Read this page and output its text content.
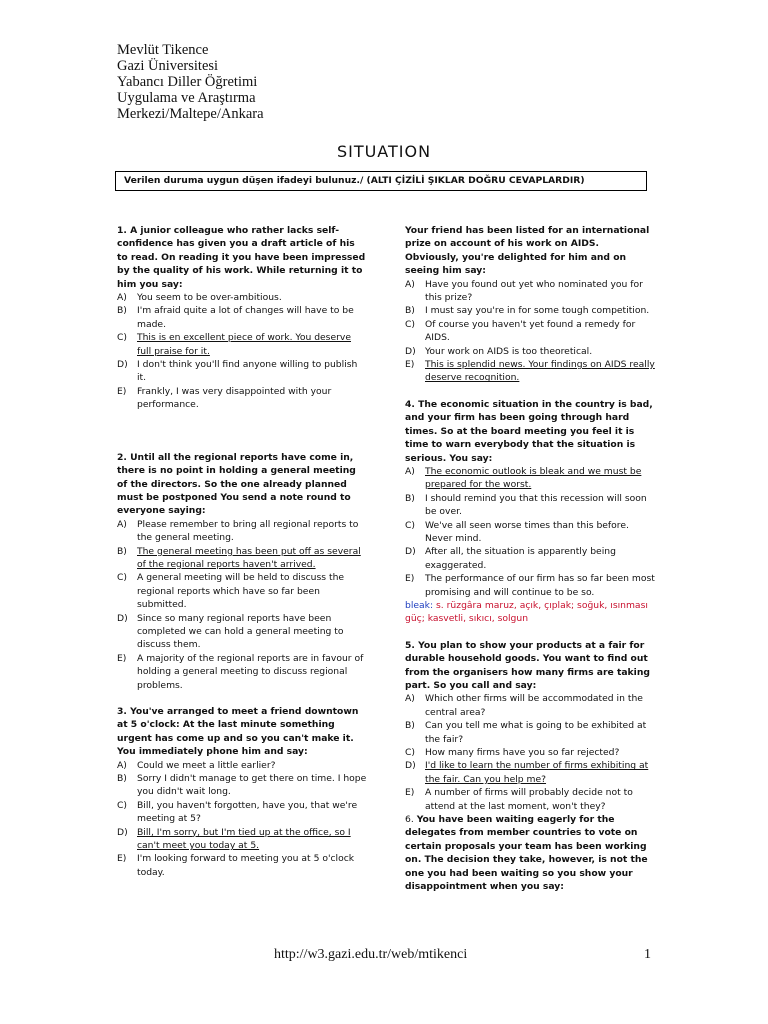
Mevlüt Tikence
Gazi Üniversitesi
Yabancı Diller Öğretimi
Uygulama ve Araştırma
Merkezi/Maltepe/Ankara
SITUATION
Verilen duruma uygun düşen ifadeyi bulunuz./ (ALTI ÇİZİLİ ŞIKLAR DOĞRU CEVAPLARDIR)
1. A junior colleague who rather lacks self-confidence has given you a draft article of his to read. On reading it you have been impressed by the quality of his work. While returning it to him you say:
A)	You seem to be over-ambitious.
B)	I'm afraid quite a lot of changes will have to be made.
C)	This is en excellent piece of work. You deserve full praise for it.
D)	I don't think you'll find anyone willing to publish it.
E)	Frankly, I was very disappointed with your performance.
2. Until all the regional reports have come in, there is no point in holding a general meeting of the directors. So the one already planned must be postponed You send a note round to everyone saying:
A)	Please remember to bring all regional reports to the general meeting.
B)	The general meeting has been put off as several of the regional reports haven't arrived.
C)	A general meeting will be held to discuss the regional reports which have so far been submitted.
D)	Since so many regional reports have been completed we can hold a general meeting to discuss them.
E)	A majority of the regional reports are in favour of holding a general meeting to discuss regional problems.
3. You've arranged to meet a friend downtown at 5 o'clock: At the last minute something urgent has come up and so you can't make it. You immediately phone him and say:
A)	Could we meet a little earlier?
B)	Sorry I didn't manage to get there on time. I hope you didn't wait long.
C)	Bill, you haven't forgotten, have you, that we're meeting at 5?
D)	Bill, I'm sorry, but I'm tied up at the office, so I can't meet you today at 5.
E)	I'm looking forward to meeting you at 5 o'clock today.
Your friend has been listed for an international prize on account of his work on AIDS. Obviously, you're delighted for him and on seeing him say:
A)	Have you found out yet who nominated you for this prize?
B)	I must say you're in for some tough competition.
C)	Of course you haven't yet found a remedy for AIDS.
D)	Your work on AIDS is too theoretical.
E)	This is splendid news. Your findings on AIDS really deserve recognition.
4. The economic situation in the country is bad, and your firm has been going through hard times. So at the board meeting you feel it is time to warn everybody that the situation is serious. You say:
A)	The economic outlook is bleak and we must be prepared for the worst.
B)	I should remind you that this recession will soon be over.
C)	We've all seen worse times than this before. Never mind.
D)	After all, the situation is apparently being exaggerated.
E)	The performance of our firm has so far been most promising and will continue to be so.
bleak: s. rüzgâra maruz, açık, çıplak; soğuk, ısınması güç; kasvetli, sıkıcı, solgun
5. You plan to show your products at a fair for durable household goods. You want to find out from the organisers how many firms are taking part. So you call and say:
A)	Which other firms will be accommodated in the central area?
B)	Can you tell me what is going to be exhibited at the fair?
C)	How many firms have you so far rejected?
D)	I'd like to learn the number of firms exhibiting at the fair. Can you help me?
E)	A number of firms will probably decide not to attend at the last moment, won't they?
6. You have been waiting eagerly for the delegates from member countries to vote on certain proposals your team has been working on. The decision they take, however, is not the one you had been waiting so you show your disappointment when you say:
http://w3.gazi.edu.tr/web/mtikenci	1
